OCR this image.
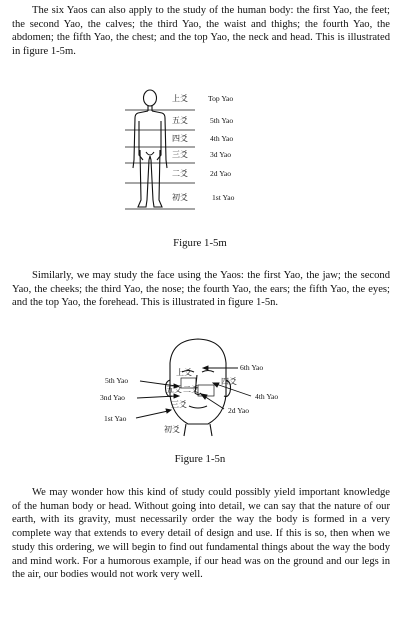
The six Yaos can also apply to the study of the human body: the first Yao, the feet; the second Yao, the calves; the third Yao, the waist and thighs; the fourth Yao, the abdomen; the fifth Yao, the chest; and the top Yao, the neck and head. This is illustrated in figure 1-5m.

上爻
五爻
四爻
三爻
二爻
初爻
Top Yao
5th Yao
4th Yao
3d Yao
2d Yao
1st Yao
上爻
四爻
五爻 二爻
三爻
初爻
6th Yao
5th Yao
4th Yao
3nd Yao
2d Yao
1st Yao
Figure 1-5m

Similarly, we may study the face using the Yaos: the first Yao, the jaw; the second Yao, the cheeks; the third Yao, the nose; the fourth Yao, the ears; the fifth Yao, the eyes; and the top Yao, the forehead. This is illustrated in figure 1-5n.

Figure 1-5n

We may wonder how this kind of study could possibly yield important knowledge of the human body or head. Without going into detail, we can say that the nature of our earth, with its gravity, must necessarily order the way the body is formed in a very complete way that extends to every detail of design and use. If this is so, then when we study this ordering, we will begin to find out fundamental things about the way the body and mind work. For a humorous example, if our head was on the ground and our legs in the air, our bodies would not work very well.
